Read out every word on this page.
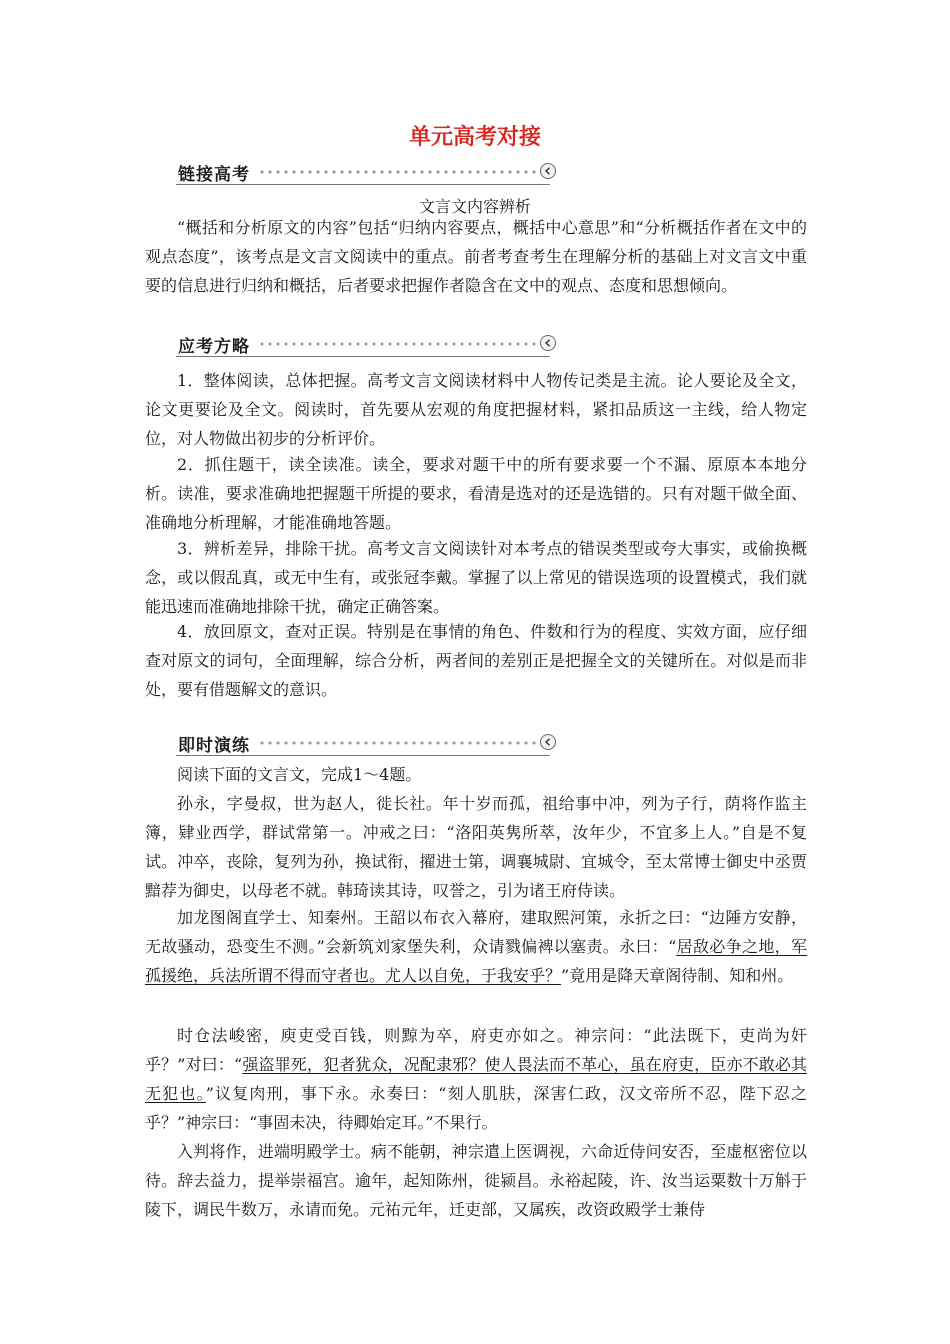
单元高考对接
链接高考
文言文内容辨析
“概括和分析原文的内容”包括“归纳内容要点，概括中心意思”和“分析概括作者在文中的观点态度”，该考点是文言文阅读中的重点。前者考查考生在理解分析的基础上对文言文中重要的信息进行归纳和概括，后者要求把握作者隐含在文中的观点、态度和思想倾向。
应考方略
1．整体阅读，总体把握。高考文言文阅读材料中人物传记类是主流。论人要论及全文，论文更要论及全文。阅读时，首先要从宏观的角度把握材料，紧扣品质这一主线，给人物定位，对人物做出初步的分析评价。
2．抓住题干，读全读准。读全，要求对题干中的所有要求要一个不漏、原原本本地分析。读准，要求准确地把握题干所提的要求，看清是选对的还是选错的。只有对题干做全面、准确地分析理解，才能准确地答题。
3．辨析差异，排除干扰。高考文言文阅读针对本考点的错误类型或夸大事实，或偷换概念，或以假乱真，或无中生有，或张冠李戴。掌握了以上常见的错误选项的设置模式，我们就能迅速而准确地排除干扰，确定正确答案。
4．放回原文，查对正误。特别是在事情的角色、件数和行为的程度、实效方面，应仔细查对原文的词句，全面理解，综合分析，两者间的差别正是把握全文的关键所在。对似是而非处，要有借题解文的意识。
即时演练
阅读下面的文言文，完成1～4题。
孙永，字曼叔，世为赵人，徙长社。年十岁而孤，祖给事中冲，列为子行，荫将作监主簿，肄业西学，群试常第一。冲戒之曰：“洛阳英隽所萃，汝年少，不宜多上人。”自是不复试。冲卒，丧除，复列为孙，换试衔，擢进士第，调襄城尉、宜城令，至太常博士御史中丞贾黯荐为御史，以母老不就。韩琦读其诗，叹誉之，引为诸王府侍读。
加龙图阁直学士、知秦州。王韶以布衣入幕府，建取熙河策，永折之曰：“边陲方安静，无故骚动，恐变生不测。”会新筑刘家堡失利，众请戮偏裨以塞责。永曰：“居敌必争之地，军孤援绝，兵法所谓不得而守者也。尤人以自免，于我安乎？”竟用是降天章阁待制、知和州。
时仓法峻密，庾吏受百钱，则黥为卒，府吏亦如之。神宗问：“此法既下，吏尚为奸乎？”对曰：“强盗罪死，犯者犹众，况配隶邪？使人畏法而不革心，虽在府吏，臣亦不敢必其无犯也。”议复肉刑，事下永。永奏曰：“刻人肌肤，深害仁政，汉文帝所不忍，陛下忍之乎？”神宗曰：“事固未决，待卿始定耳。”不果行。
入判将作，进端明殿学士。病不能朝，神宗遣上医调视，六命近侍问安否，至虚枢密位以待。辞去益力，提举崇福宫。逾年，起知陈州，徙颍昌。永裕起陵，许、汝当运粟数十万斛于陵下，调民牛数万，永请而免。元祐元年，迁吏部，又属疾，改资政殿学士兼侍
